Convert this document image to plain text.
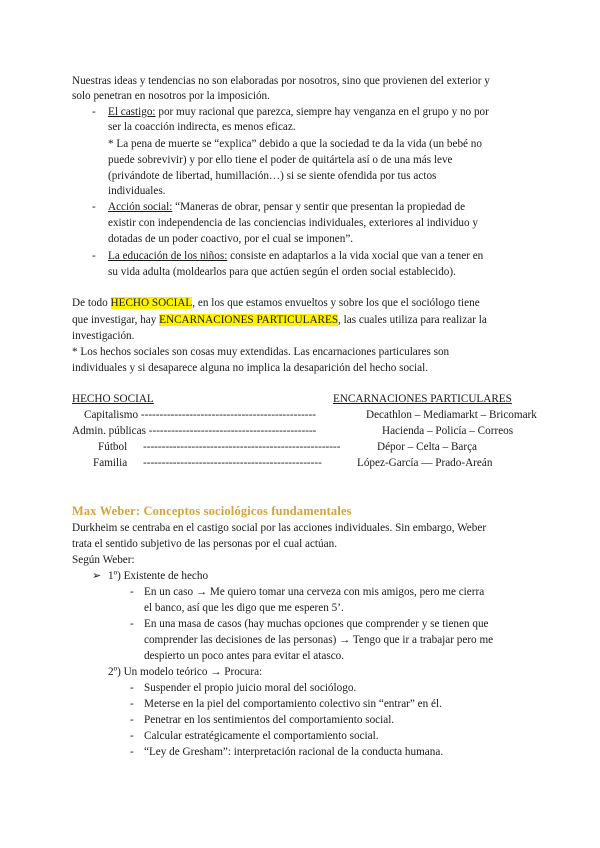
Nuestras ideas y tendencias no son elaboradas por nosotros, sino que provienen del exterior y
solo penetran en nosotros por la imposición.
- El castigo: por muy racional que parezca, siempre hay venganza en el grupo y no por
ser la coacción indirecta, es menos eficaz.
* La pena de muerte se “explica” debido a que la sociedad te da la vida (un bebé no
puede sobrevivir) y por ello tiene el poder de quitártela así o de una más leve
(privándote de libertad, humillación…) si se siente ofendida por tus actos
individuales.
- Acción social: “Maneras de obrar, pensar y sentir que presentan la propiedad de
existir con independencia de las conciencias individuales, exteriores al individuo y
dotadas de un poder coactivo, por el cual se imponen”.
- La educación de los niños: consiste en adaptarlos a la vida xocial que van a tener en
su vida adulta (moldearlos para que actúen según el orden social establecido).
De todo HECHO SOCIAL, en los que estamos envueltos y sobre los que el sociólogo tiene
que investigar, hay ENCARNACIONES PARTICULARES, las cuales utiliza para realizar la
investigación.
* Los hechos sociales son cosas muy extendidas. Las encarnaciones particulares son
individuales y si desaparece alguna no implica la desaparición del hecho social.
HECHO SOCIAL	ENCARNACIONES PARTICULARES
Capitalismo -----------------------------------------------	Decathlon – Mediamarkt – Bricomark
Admin. públicas ---------------------------------------------	Hacienda – Policía – Correos
Fútbol -----------------------------------------------------	Dépor – Celta – Barça
Familia ------------------------------------------------	López-García — Prado-Areán
Max Weber: Conceptos sociológicos fundamentales
Durkheim se centraba en el castigo social por las acciones individuales. Sin embargo, Weber
trata el sentido subjetivo de las personas por el cual actúan.
Según Weber:
➢ 1º) Existente de hecho
- En un caso → Me quiero tomar una cerveza con mis amigos, pero me cierra
el banco, así que les digo que me esperen 5’.
- En una masa de casos (hay muchas opciones que comprender y se tienen que
comprender las decisiones de las personas) → Tengo que ir a trabajar pero me
despierto un poco antes para evitar el atasco.
2º) Un modelo teórico → Procura:
- Suspender el propio juicio moral del sociólogo.
- Meterse en la piel del comportamiento colectivo sin “entrar” en él.
- Penetrar en los sentimientos del comportamiento social.
- Calcular estratégicamente el comportamiento social.
- “Ley de Gresham”: interpretación racional de la conducta humana.
